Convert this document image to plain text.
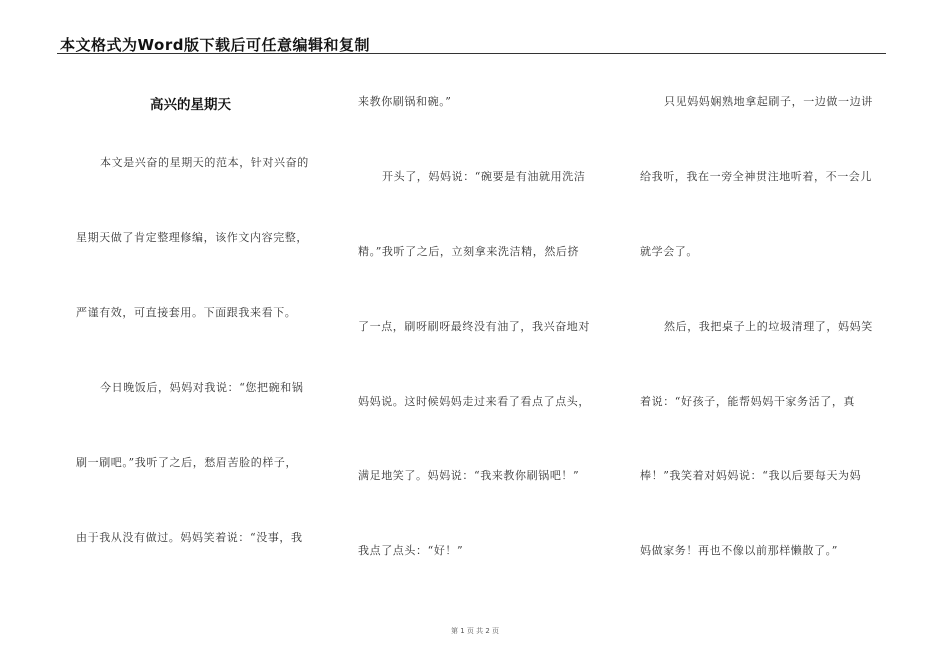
本文格式为Word版下载后可任意编辑和复制
高兴的星期天
本文是兴奋的星期天的范本，针对兴奋的
星期天做了肯定整理修编，该作文内容完整，
严谨有效，可直接套用。下面跟我来看下。
今日晚饭后，妈妈对我说：“您把碗和锅
刷一刷吧。”我听了之后，愁眉苦脸的样子，
由于我从没有做过。妈妈笑着说：“没事，我
来教你刷锅和碗。”
开头了，妈妈说：“碗要是有油就用洗洁
精。”我听了之后，立刻拿来洗洁精，然后挤
了一点，刷呀刷呀最终没有油了，我兴奋地对
妈妈说。这时候妈妈走过来看了看点了点头，
满足地笑了。妈妈说：“我来教你刷锅吧！”
我点了点头：“好！”
只见妈妈娴熟地拿起刷子，一边做一边讲
给我听，我在一旁全神贯注地听着，不一会儿
就学会了。
然后，我把桌子上的垃圾清理了，妈妈笑
着说：“好孩子，能帮妈妈干家务活了，真
棒！”我笑着对妈妈说：“我以后要每天为妈
妈做家务！再也不像以前那样懒散了。”
第 1 页 共 2 页
